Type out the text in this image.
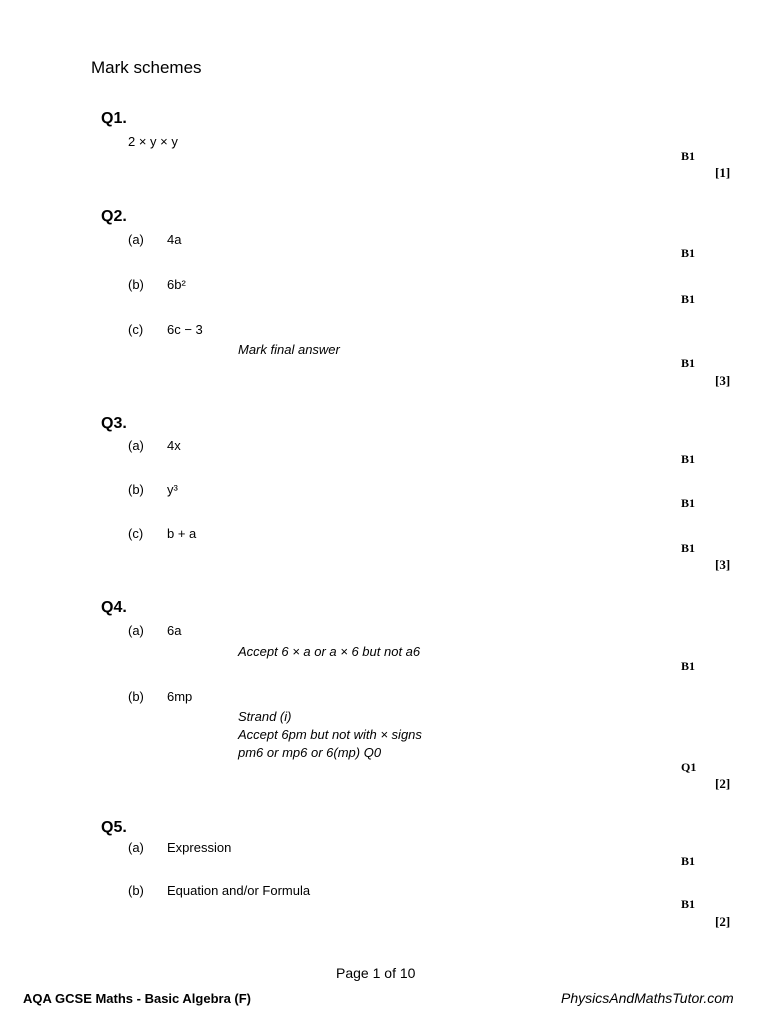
Mark schemes
Q1.
2 × y × y
B1
[1]
Q2.
(a) 4a
B1
(b) 6b²
B1
(c) 6c − 3
Mark final answer
B1
[3]
Q3.
(a) 4x
B1
(b) y³
B1
(c) b + a
B1
[3]
Q4.
(a) 6a
Accept 6 × a or a × 6 but not a6
B1
(b) 6mp
Strand (i)
Accept 6pm but not with × signs
pm6 or mp6 or 6(mp) Q0
Q1
[2]
Q5.
(a) Expression
B1
(b) Equation and/or Formula
B1
[2]
Page 1 of 10
AQA GCSE Maths - Basic Algebra (F)	PhysicsAndMathsTutor.com
